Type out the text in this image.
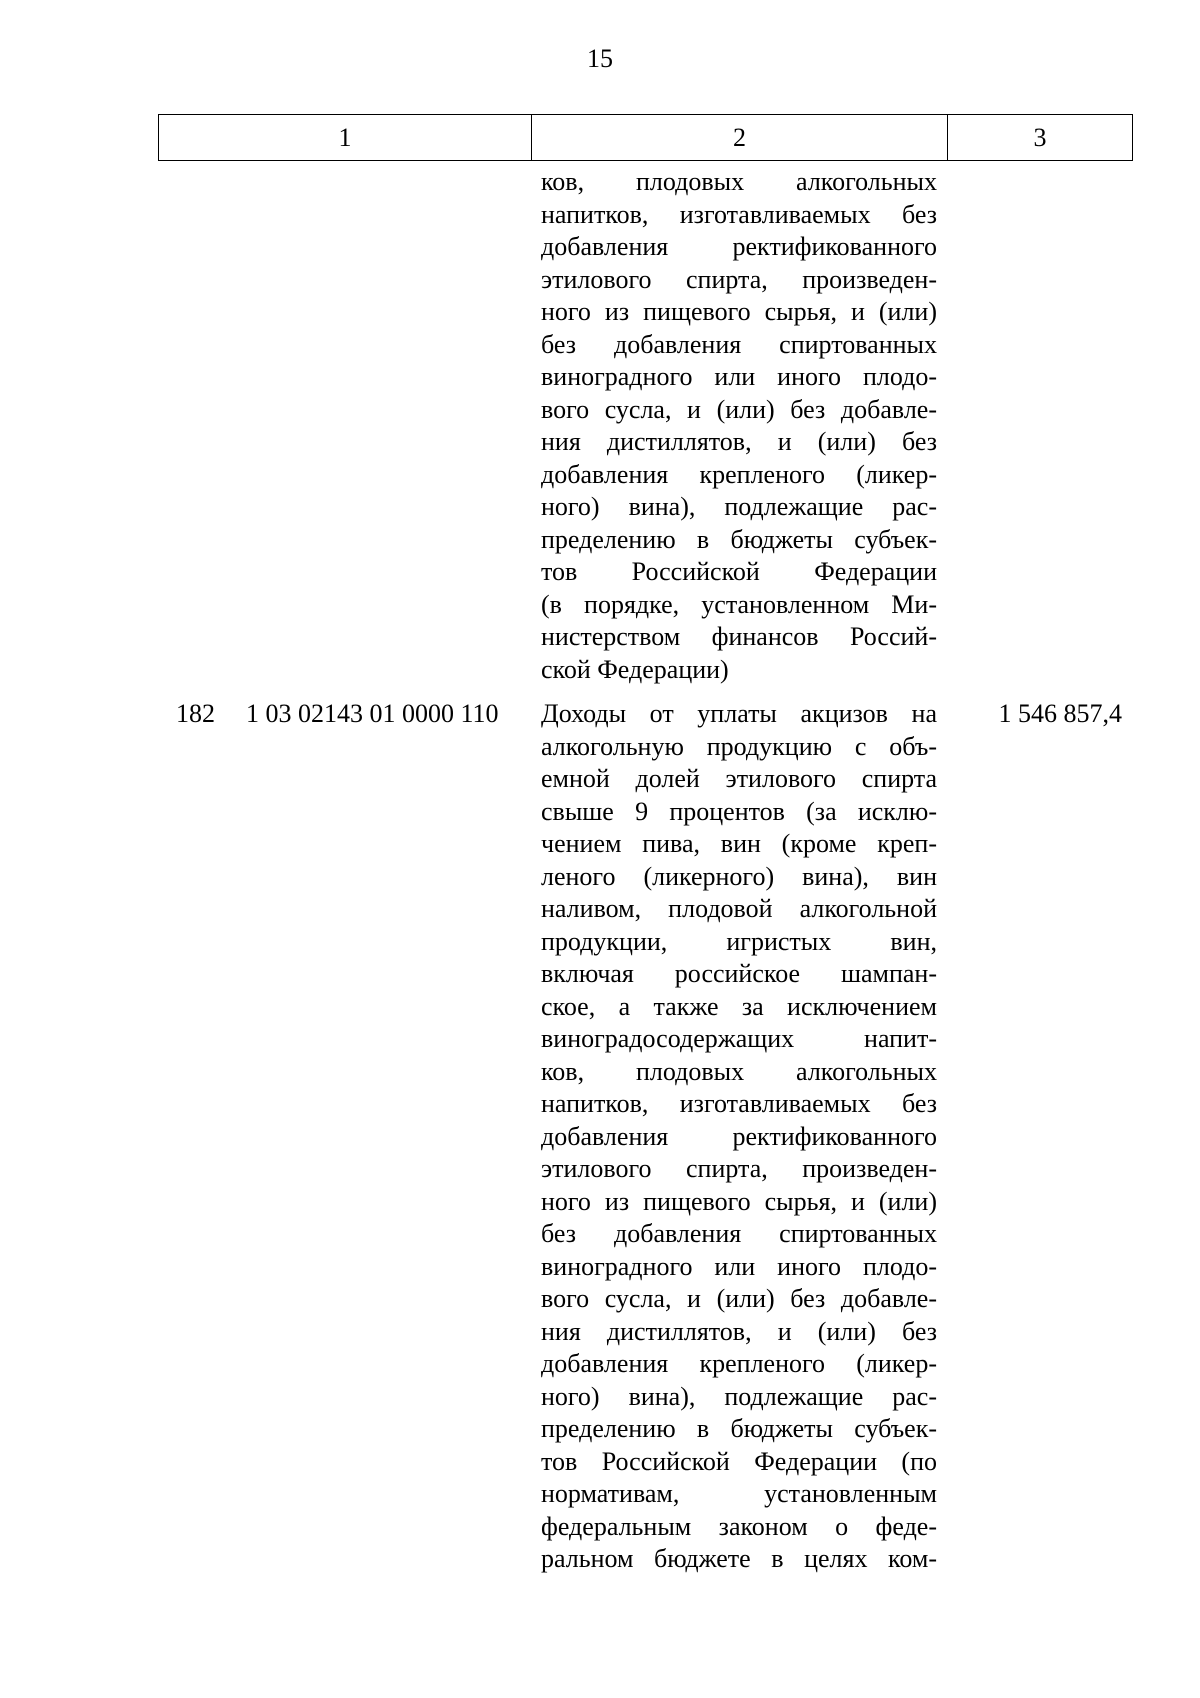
15
1	2	3
ков, плодовых алкогольных
напитков, изготавливаемых без
добавления ректификованного
этилового спирта, произведен-
ного из пищевого сырья, и (или)
без добавления спиртованных
виноградного или иного плодо-
вого сусла, и (или) без добавле-
ния дистиллятов, и (или) без
добавления крепленого (ликер-
ного) вина), подлежащие рас-
пределению в бюджеты субъек-
тов Российской Федерации
(в порядке, установленном Ми-
нистерством финансов Россий-
ской Федерации)
182 1 03 02143 01 0000 110 Доходы от уплаты акцизов на
алкогольную продукцию с объ-
емной долей этилового спирта
свыше 9 процентов (за исклю-
чением пива, вин (кроме креп-
леного (ликерного) вина), вин
наливом, плодовой алкогольной
продукции, игристых вин,
включая российское шампан-
ское, а также за исключением
виноградосодержащих напит-
ков, плодовых алкогольных
напитков, изготавливаемых без
добавления ректификованного
этилового спирта, произведен-
ного из пищевого сырья, и (или)
без добавления спиртованных
виноградного или иного плодо-
вого сусла, и (или) без добавле-
ния дистиллятов, и (или) без
добавления крепленого (ликер-
ного) вина), подлежащие рас-
пределению в бюджеты субъек-
тов Российской Федерации (по
нормативам, установленным
федеральным законом о феде-
ральном бюджете в целях ком-
1 546 857,4
